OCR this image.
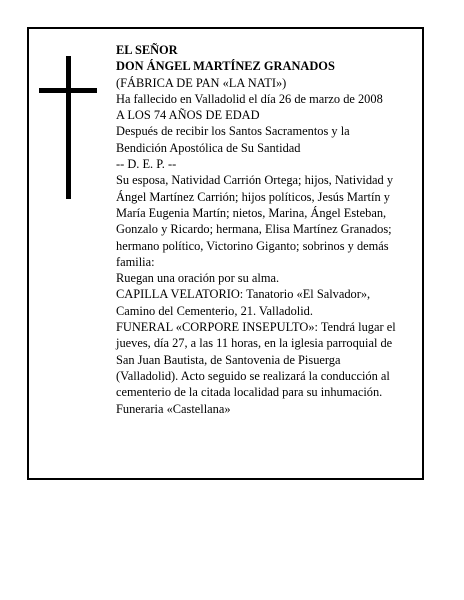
EL SEÑOR
DON ÁNGEL MARTÍNEZ GRANADOS
(FÁBRICA DE PAN «LA NATI»)
Ha fallecido en Valladolid el día 26 de marzo de 2008
A LOS 74 AÑOS DE EDAD
Después de recibir los Santos Sacramentos y la
Bendición Apostólica de Su Santidad
-- D. E. P. --
Su esposa, Natividad Carrión Ortega; hijos, Natividad y
Ángel Martínez Carrión; hijos políticos, Jesús Martín y
María Eugenia Martín; nietos, Marina, Ángel Esteban,
Gonzalo y Ricardo; hermana, Elisa Martínez Granados;
hermano político, Victorino Giganto; sobrinos y demás
familia:
Ruegan una oración por su alma.
CAPILLA VELATORIO: Tanatorio «El Salvador»,
Camino del Cementerio, 21. Valladolid.
FUNERAL «CORPORE INSEPULTO»: Tendrá lugar el
jueves, día 27, a las 11 horas, en la iglesia parroquial de
San Juan Bautista, de Santovenia de Pisuerga
(Valladolid). Acto seguido se realizará la conducción al
cementerio de la citada localidad para su inhumación.
Funeraria «Castellana»
